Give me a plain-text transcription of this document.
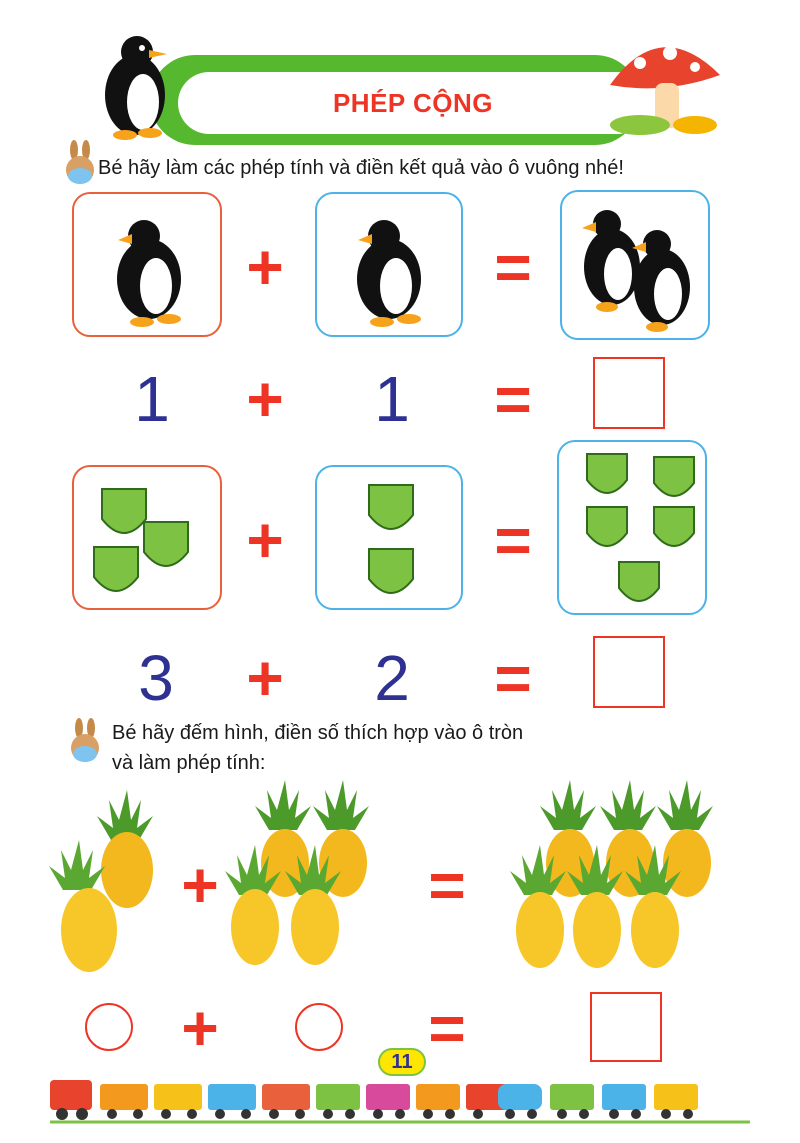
PHÉP CỘNG
Bé hãy làm các phép tính và điền kết quả vào ô vuông nhé!
+	=
1	+	1	=
+	=
3	+	2	=
Bé hãy đếm hình, điền số thích hợp vào ô tròn
và làm phép tính:
+	=
+	=
11
